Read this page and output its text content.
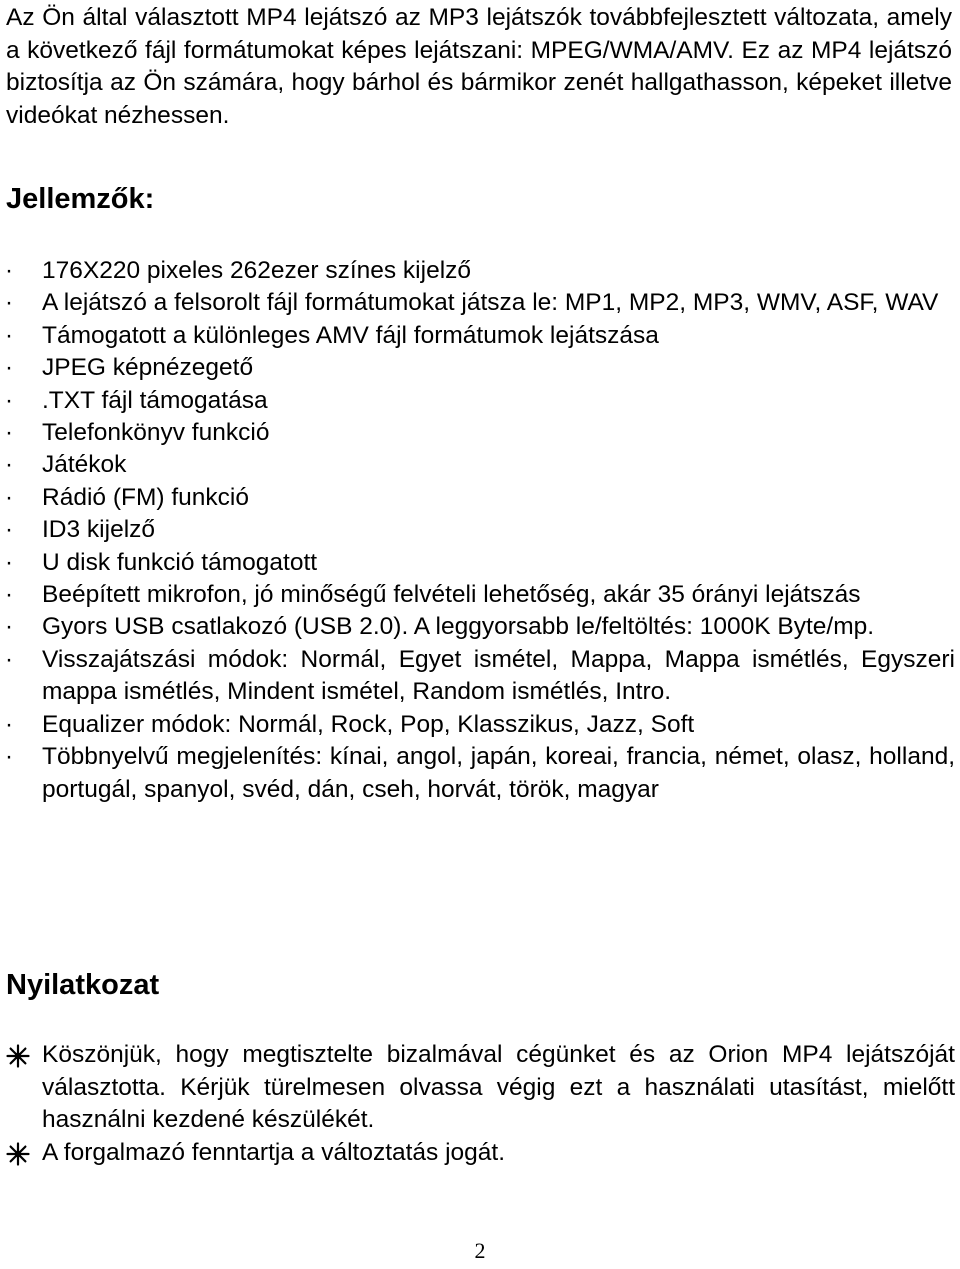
Az Ön által választott MP4 lejátszó az MP3 lejátszók továbbfejlesztett változata, amely a következő fájl formátumokat képes lejátszani: MPEG/WMA/AMV. Ez az MP4 lejátszó biztosítja az Ön számára, hogy bárhol és bármikor zenét hallgathasson, képeket illetve videókat nézhessen.

Jellemzők:
·	176X220 pixeles 262ezer színes kijelző
·	A lejátszó a felsorolt fájl formátumokat játsza le: MP1, MP2, MP3, WMV, ASF, WAV
·	Támogatott a különleges AMV fájl formátumok lejátszása
·	JPEG képnézegető
·	.TXT fájl támogatása
·	Telefonkönyv funkció
·	Játékok
·	Rádió (FM) funkció
·	ID3 kijelző
·	U disk funkció támogatott
·	Beépített mikrofon, jó minőségű felvételi lehetőség, akár 35 órányi lejátszás
·	Gyors USB csatlakozó (USB 2.0). A leggyorsabb le/feltöltés: 1000K Byte/mp.
·	Visszajátszási módok: Normál, Egyet ismétel, Mappa, Mappa ismétlés, Egyszeri mappa ismétlés, Mindent ismétel, Random ismétlés, Intro.
·	Equalizer módok: Normál, Rock, Pop, Klasszikus, Jazz, Soft
·	Többnyelvű megjelenítés: kínai, angol, japán, koreai, francia, német, olasz, holland, portugál, spanyol, svéd, dán, cseh, horvát, török, magyar
Nyilatkozat
Köszönjük, hogy megtisztelte bizalmával cégünket és az Orion MP4 lejátszóját választotta. Kérjük türelmesen olvassa végig ezt a használati utasítást, mielőtt használni kezdené készülékét.
A forgalmazó fenntartja a változtatás jogát.
2
